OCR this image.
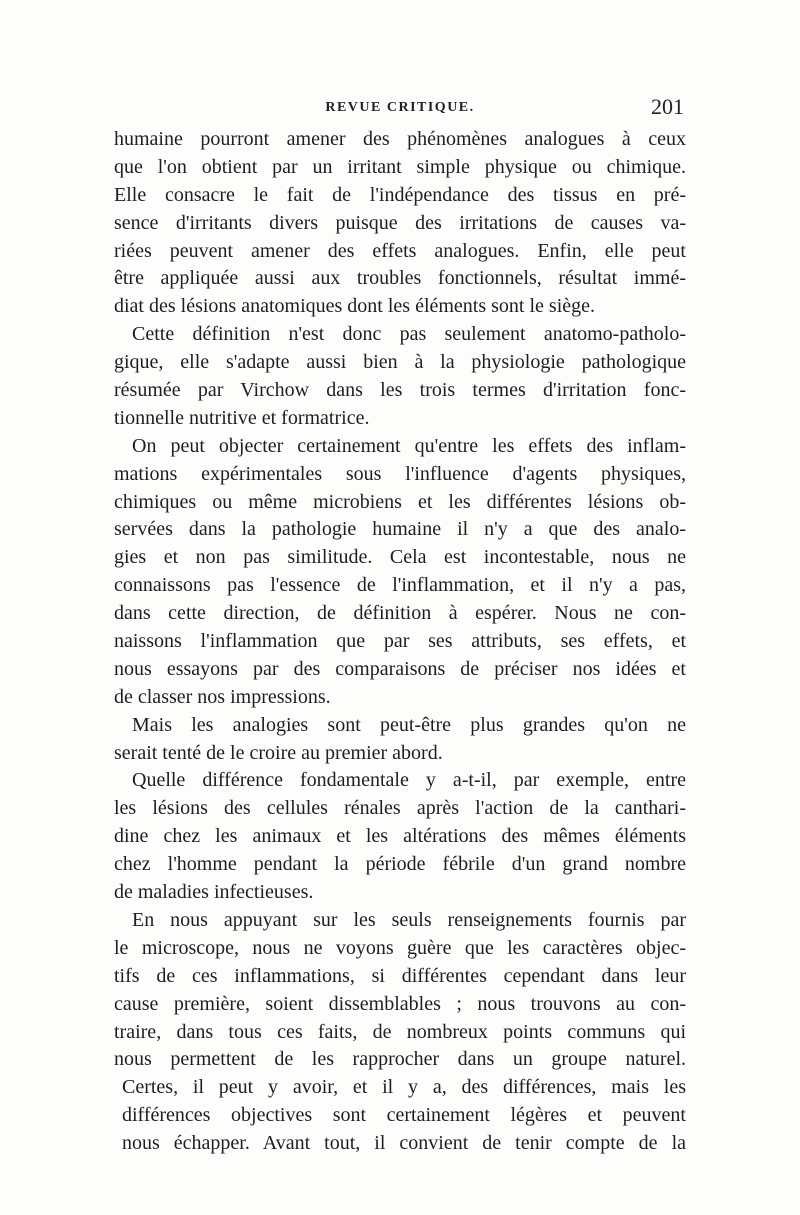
REVUE CRITIQUE.	201
humaine pourront amener des phénomènes analogues à ceux
que l'on obtient par un irritant simple physique ou chimique.
Elle consacre le fait de l'indépendance des tissus en pré-
sence d'irritants divers puisque des irritations de causes va-
riées peuvent amener des effets analogues. Enfin, elle peut
être appliquée aussi aux troubles fonctionnels, résultat immé-
diat des lésions anatomiques dont les éléments sont le siège.
Cette définition n'est donc pas seulement anatomo-patholo-
gique, elle s'adapte aussi bien à la physiologie pathologique
résumée par Virchow dans les trois termes d'irritation fonc-
tionnelle nutritive et formatrice.
On peut objecter certainement qu'entre les effets des inflam-
mations expérimentales sous l'influence d'agents physiques,
chimiques ou même microbiens et les différentes lésions ob-
servées dans la pathologie humaine il n'y a que des analo-
gies et non pas similitude. Cela est incontestable, nous ne
connaissons pas l'essence de l'inflammation, et il n'y a pas,
dans cette direction, de définition à espérer. Nous ne con-
naissons l'inflammation que par ses attributs, ses effets, et
nous essayons par des comparaisons de préciser nos idées et
de classer nos impressions.
Mais les analogies sont peut-être plus grandes qu'on ne
serait tenté de le croire au premier abord.
Quelle différence fondamentale y a-t-il, par exemple, entre
les lésions des cellules rénales après l'action de la canthari-
dine chez les animaux et les altérations des mêmes éléments
chez l'homme pendant la période fébrile d'un grand nombre
de maladies infectieuses.
En nous appuyant sur les seuls renseignements fournis par
le microscope, nous ne voyons guère que les caractères objec-
tifs de ces inflammations, si différentes cependant dans leur
cause première, soient dissemblables ; nous trouvons au con-
traire, dans tous ces faits, de nombreux points communs qui
nous permettent de les rapprocher dans un groupe naturel.
Certes, il peut y avoir, et il y a, des différences, mais les
différences objectives sont certainement légères et peuvent
nous échapper. Avant tout, il convient de tenir compte de la
